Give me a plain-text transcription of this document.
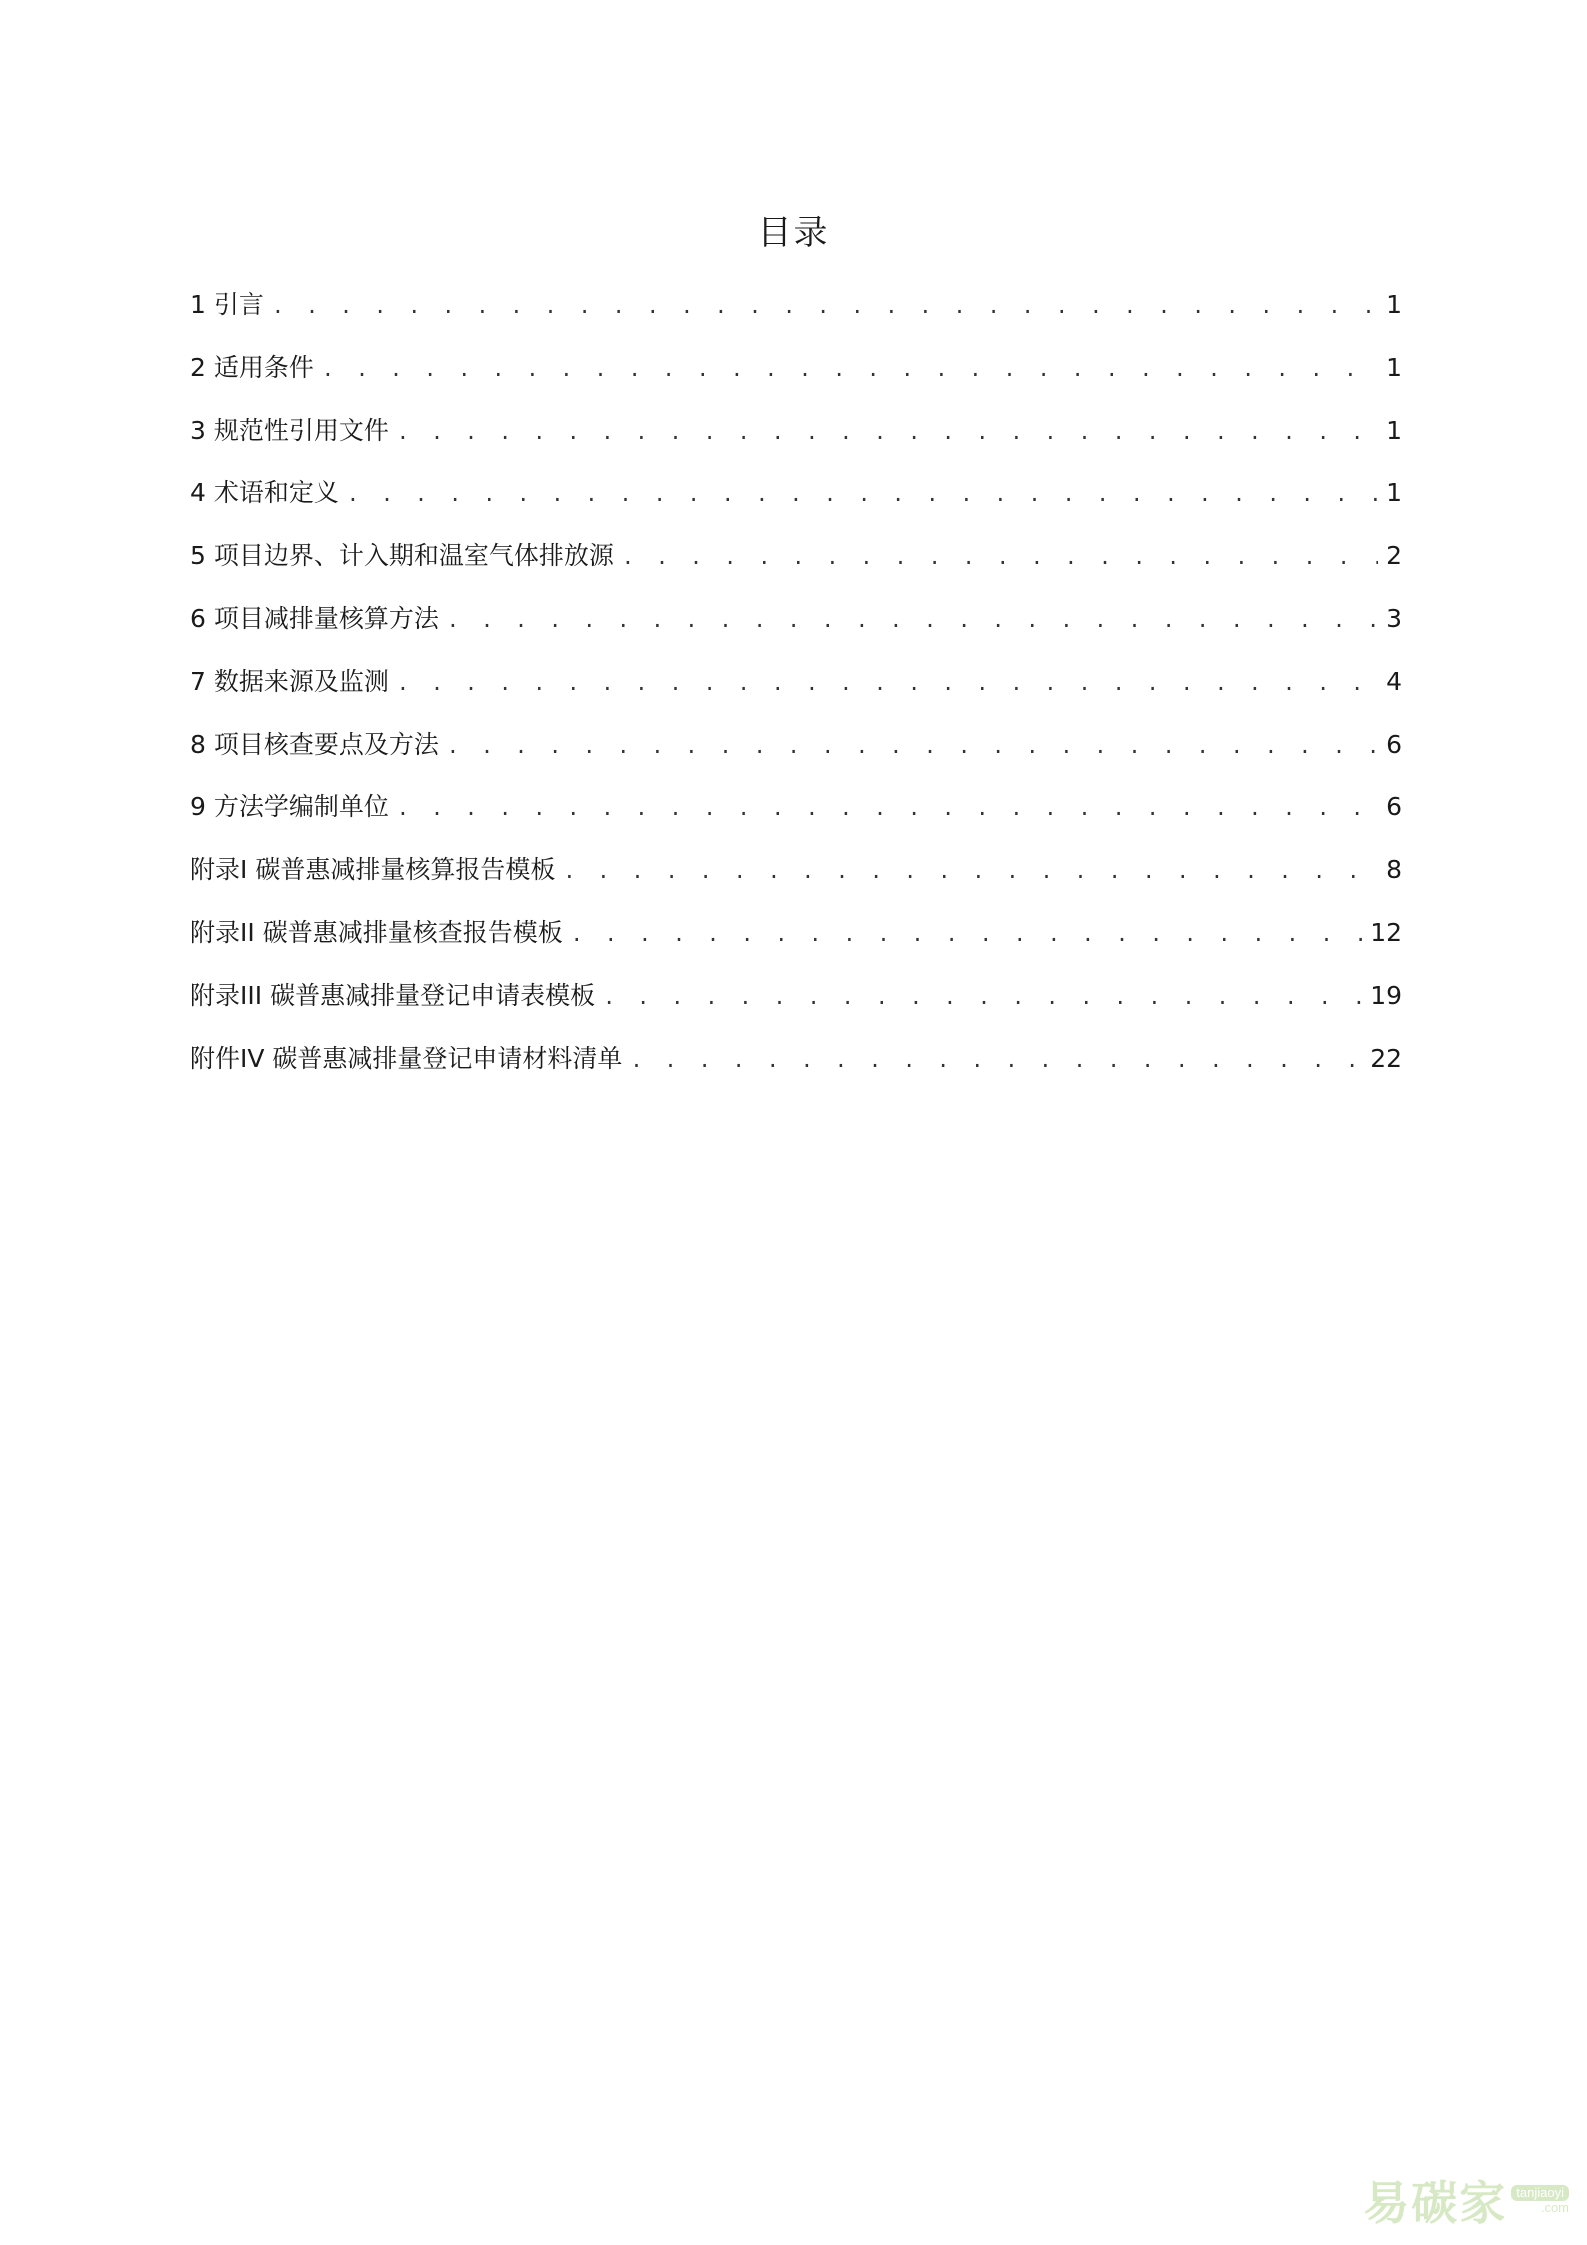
目录
1 引言 . . .	1
2 适用条件 . . .	1
3 规范性引用文件 . . .	1
4 术语和定义 . . .	1
5 项目边界、计入期和温室气体排放源 . . .	2
6 项目减排量核算方法 . . .	3
7 数据来源及监测 . . .	4
8 项目核查要点及方法 . . .	6
9 方法学编制单位 . . .	6
附录Ⅰ 碳普惠减排量核算报告模板 . . .	8
附录II 碳普惠减排量核查报告模板 . . .	12
附录III 碳普惠减排量登记申请表模板 . . .	19
附件IV 碳普惠减排量登记申请材料清单 . . .	22
易碳家 tanjiaoyi
.com
